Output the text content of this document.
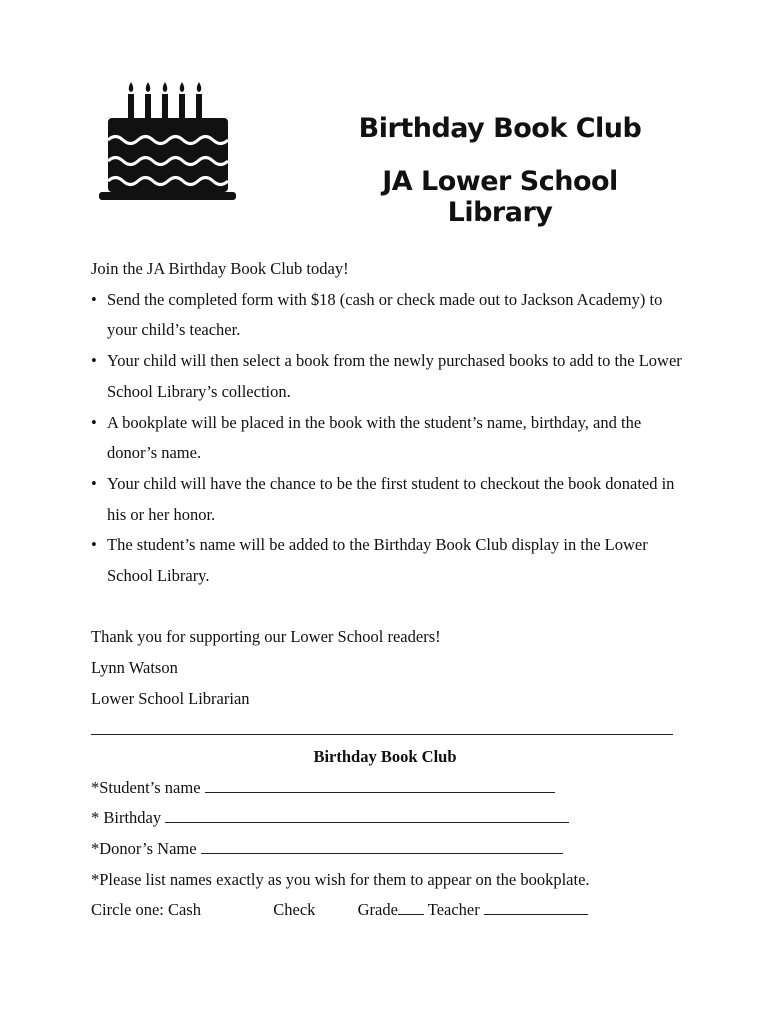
Birthday Book Club
JA Lower School Library

Join the JA Birthday Book Club today!

• Send the completed form with $18 (cash or check made out to Jackson Academy) to your child’s teacher.
• Your child will then select a book from the newly purchased books to add to the Lower School Library’s collection.
• A bookplate will be placed in the book with the student’s name, birthday, and the donor’s name.
• Your child will have the chance to be the first student to checkout the book donated in his or her honor.
• The student’s name will be added to the Birthday Book Club display in the Lower School Library.

Thank you for supporting our Lower School readers!

Lynn Watson

Lower School Librarian

Birthday Book Club
*Student’s name
* Birthday
*Donor’s Name
*Please list names exactly as you wish for them to appear on the bookplate.
Circle one: Cash	Check	Grade Teacher
